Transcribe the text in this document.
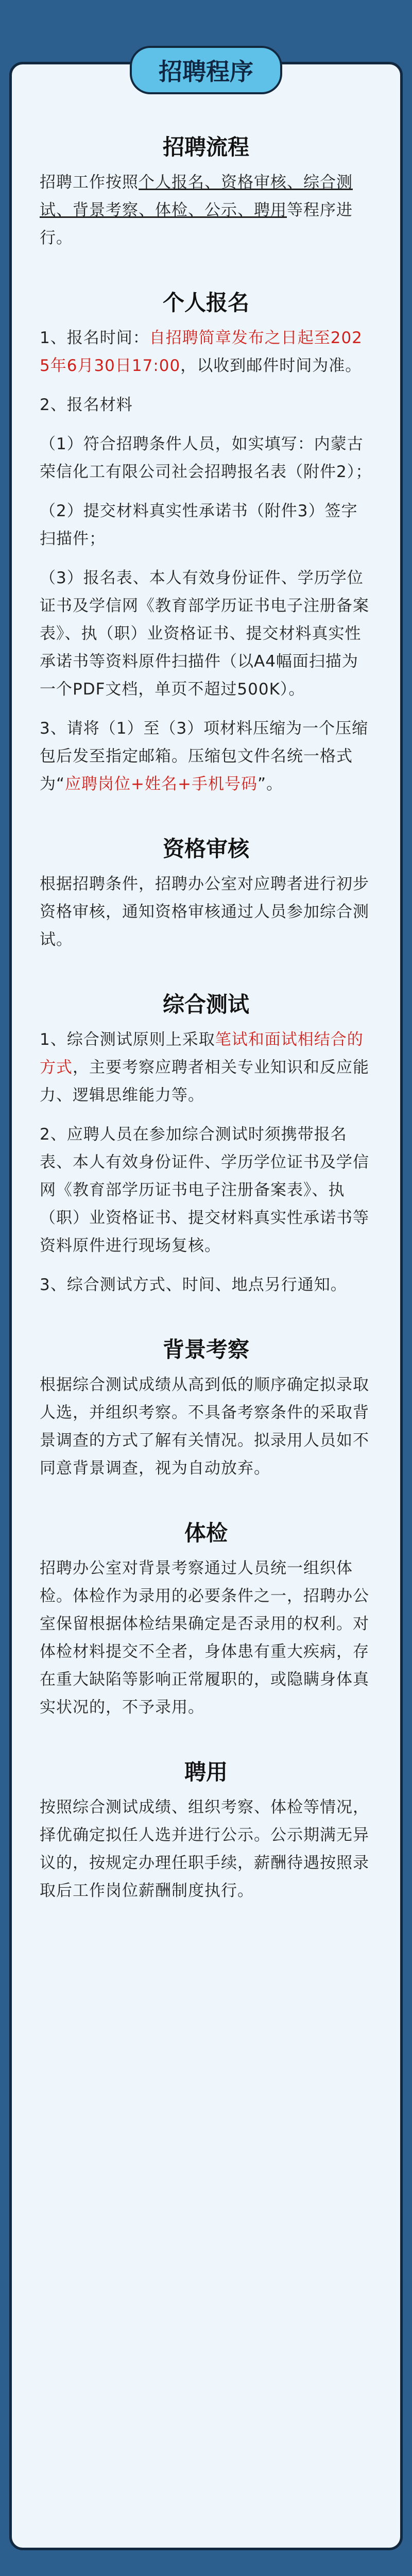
招聘程序
招聘流程

招聘工作按照个人报名、资格审核、综合测试、背景考察、体检、公示、聘用等程序进行。

个人报名

1、报名时间：自招聘简章发布之日起至2025年6月30日17:00，以收到邮件时间为准。

2、报名材料

（1）符合招聘条件人员，如实填写：内蒙古荣信化工有限公司社会招聘报名表（附件2）；

（2）提交材料真实性承诺书（附件3）签字扫描件；

（3）报名表、本人有效身份证件、学历学位证书及学信网《教育部学历证书电子注册备案表》、执（职）业资格证书、提交材料真实性承诺书等资料原件扫描件（以A4幅面扫描为一个PDF文档，单页不超过500K）。

3、请将（1）至（3）项材料压缩为一个压缩包后发至指定邮箱。压缩包文件名统一格式为“应聘岗位+姓名+手机号码”。

资格审核

根据招聘条件，招聘办公室对应聘者进行初步资格审核，通知资格审核通过人员参加综合测试。

综合测试

1、综合测试原则上采取笔试和面试相结合的方式，主要考察应聘者相关专业知识和反应能力、逻辑思维能力等。

2、应聘人员在参加综合测试时须携带报名表、本人有效身份证件、学历学位证书及学信网《教育部学历证书电子注册备案表》、执（职）业资格证书、提交材料真实性承诺书等资料原件进行现场复核。

3、综合测试方式、时间、地点另行通知。

背景考察

根据综合测试成绩从高到低的顺序确定拟录取人选，并组织考察。不具备考察条件的采取背景调查的方式了解有关情况。拟录用人员如不同意背景调查，视为自动放弃。

体检

招聘办公室对背景考察通过人员统一组织体检。体检作为录用的必要条件之一，招聘办公室保留根据体检结果确定是否录用的权利。对体检材料提交不全者，身体患有重大疾病，存在重大缺陷等影响正常履职的，或隐瞒身体真实状况的，不予录用。

聘用

按照综合测试成绩、组织考察、体检等情况，择优确定拟任人选并进行公示。公示期满无异议的，按规定办理任职手续，薪酬待遇按照录取后工作岗位薪酬制度执行。
